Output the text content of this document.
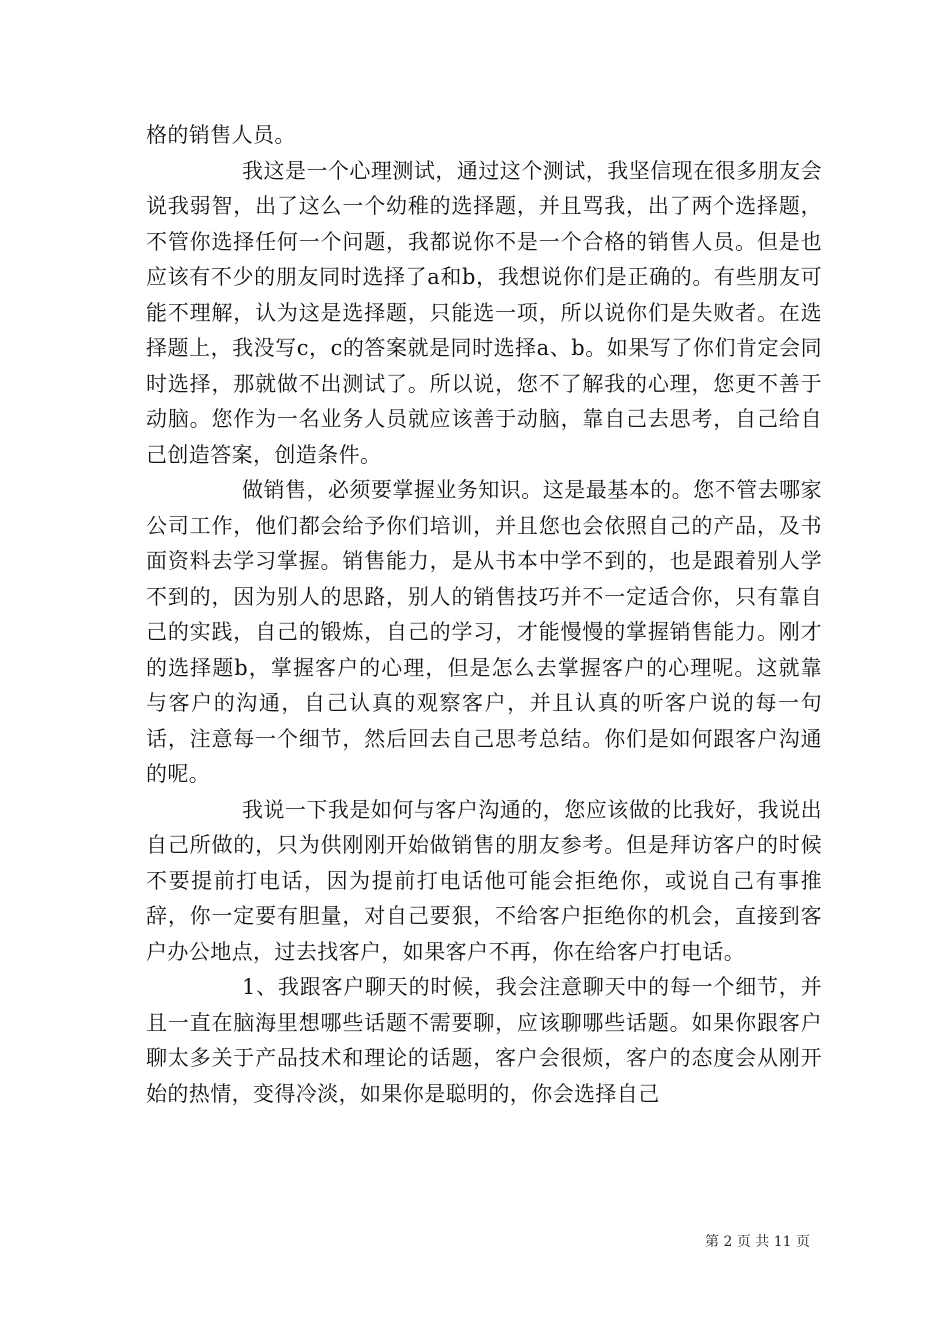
格的销售人员。

我这是一个心理测试，通过这个测试，我坚信现在很多朋友会说我弱智，出了这么一个幼稚的选择题，并且骂我，出了两个选择题，不管你选择任何一个问题，我都说你不是一个合格的销售人员。但是也应该有不少的朋友同时选择了a和b，我想说你们是正确的。有些朋友可能不理解，认为这是选择题，只能选一项，所以说你们是失败者。在选择题上，我没写c，c的答案就是同时选择a、b。如果写了你们肯定会同时选择，那就做不出测试了。所以说，您不了解我的心理，您更不善于动脑。您作为一名业务人员就应该善于动脑，靠自己去思考，自己给自己创造答案，创造条件。

做销售，必须要掌握业务知识。这是最基本的。您不管去哪家公司工作，他们都会给予你们培训，并且您也会依照自己的产品，及书面资料去学习掌握。销售能力，是从书本中学不到的，也是跟着别人学不到的，因为别人的思路，别人的销售技巧并不一定适合你，只有靠自己的实践，自己的锻炼，自己的学习，才能慢慢的掌握销售能力。刚才的选择题b，掌握客户的心理，但是怎么去掌握客户的心理呢。这就靠与客户的沟通，自己认真的观察客户，并且认真的听客户说的每一句话，注意每一个细节，然后回去自己思考总结。你们是如何跟客户沟通的呢。

我说一下我是如何与客户沟通的，您应该做的比我好，我说出自己所做的，只为供刚刚开始做销售的朋友参考。但是拜访客户的时候不要提前打电话，因为提前打电话他可能会拒绝你，或说自己有事推辞，你一定要有胆量，对自己要狠，不给客户拒绝你的机会，直接到客户办公地点，过去找客户，如果客户不再，你在给客户打电话。

1、我跟客户聊天的时候，我会注意聊天中的每一个细节，并且一直在脑海里想哪些话题不需要聊，应该聊哪些话题。如果你跟客户聊太多关于产品技术和理论的话题，客户会很烦，客户的态度会从刚开始的热情，变得冷淡，如果你是聪明的，你会选择自己

第 2 页 共 11 页
